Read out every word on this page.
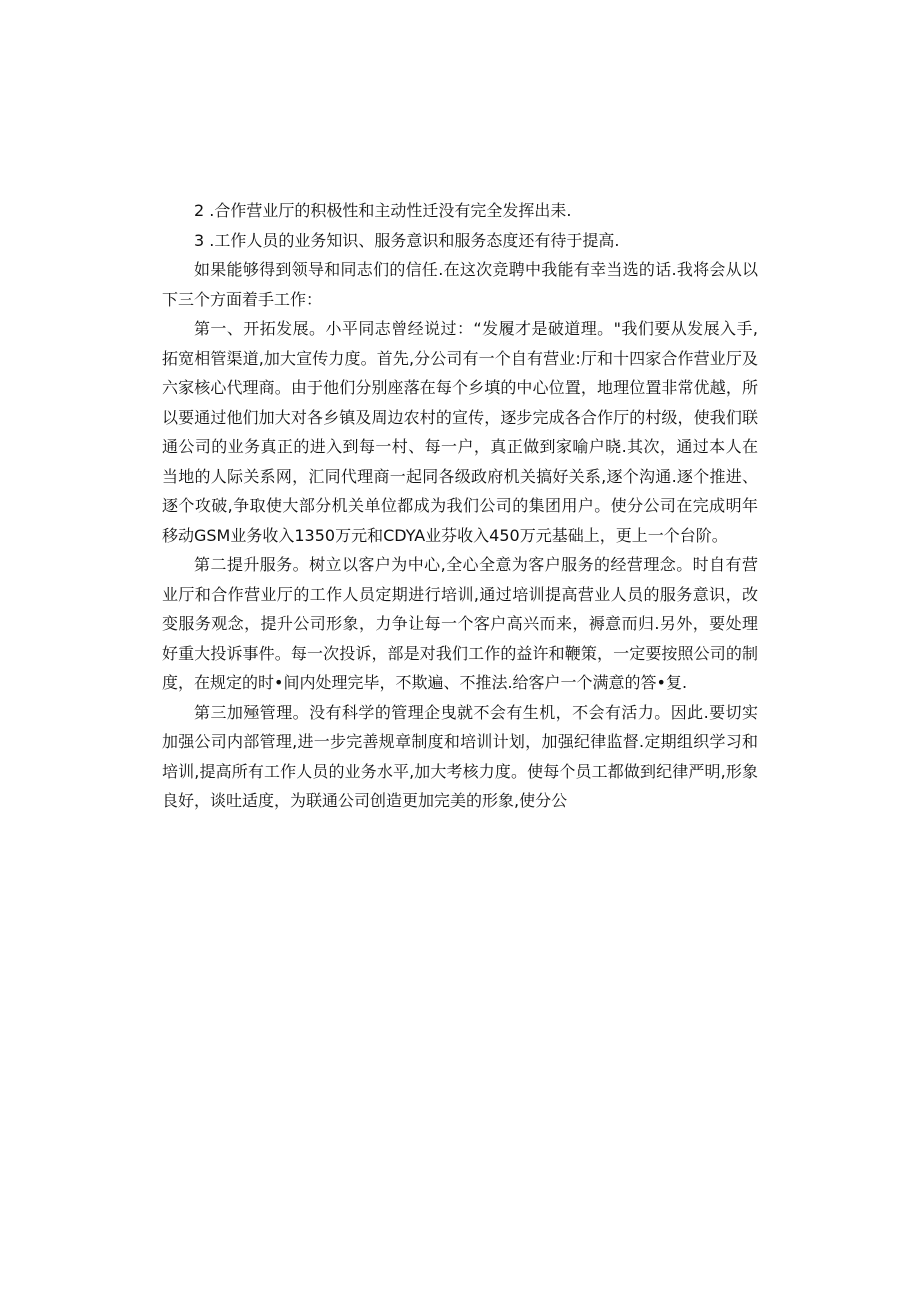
2 .合作营业厅的积极性和主动性迁没有完全发挥出耒.

3 .工作人员的业务知识、服务意识和服务态度还有待于提高.

如果能够得到领导和同志们的信任.在这次竞聘中我能有幸当选的话.我将会从以下三个方面着手工作：

第一、开拓发展。小平同志曾经说过：“发履才是破道理。"我们要从发展入手,拓宽相管渠道,加大宣传力度。首先,分公司有一个自有营业:厅和十四家合作营业厅及六家核心代理商。由于他们分别座落在每个乡填的中心位置，地理位置非常优越，所以要通过他们加大对各乡镇及周边农村的宣传，逐步完成各合作厅的村级，使我们联通公司的业务真正的进入到每一村、每一户，真正做到家喻户晓.其次，通过本人在当地的人际关系网，汇同代理商一起同各级政府机关搞好关系,逐个沟通.逐个推进、逐个攻破,争取使大部分机关单位都成为我们公司的集团用户。使分公司在完成明年移动GSM业务收入1350万元和CDYA业芬收入450万元基础上，更上一个台阶。

第二提升服务。树立以客户为中心,全心全意为客户服务的经营理念。时自有营业厅和合作营业厅的工作人员定期进行培训,通过培训提高营业人员的服务意识，改变服务观念，提升公司形象，力争让每一个客户高兴而来，褥意而归.另外，要处理好重大投诉事件。每一次投诉，部是对我们工作的益许和鞭策，一定要按照公司的制度，在规定的时•间内处理完毕，不欺遍、不推法.给客户一个满意的答•复.

第三加殛管理。没有科学的管理企曳就不会有生机，不会有活力。因此.要切实加强公司内部管理,进一步完善规章制度和培训计划，加强纪律监督.定期组织学习和培训,提高所有工作人员的业务水平,加大考核力度。使每个员工都做到纪律严明,形象良好，谈吐适度，为联通公司创造更加完美的形象,使分公
